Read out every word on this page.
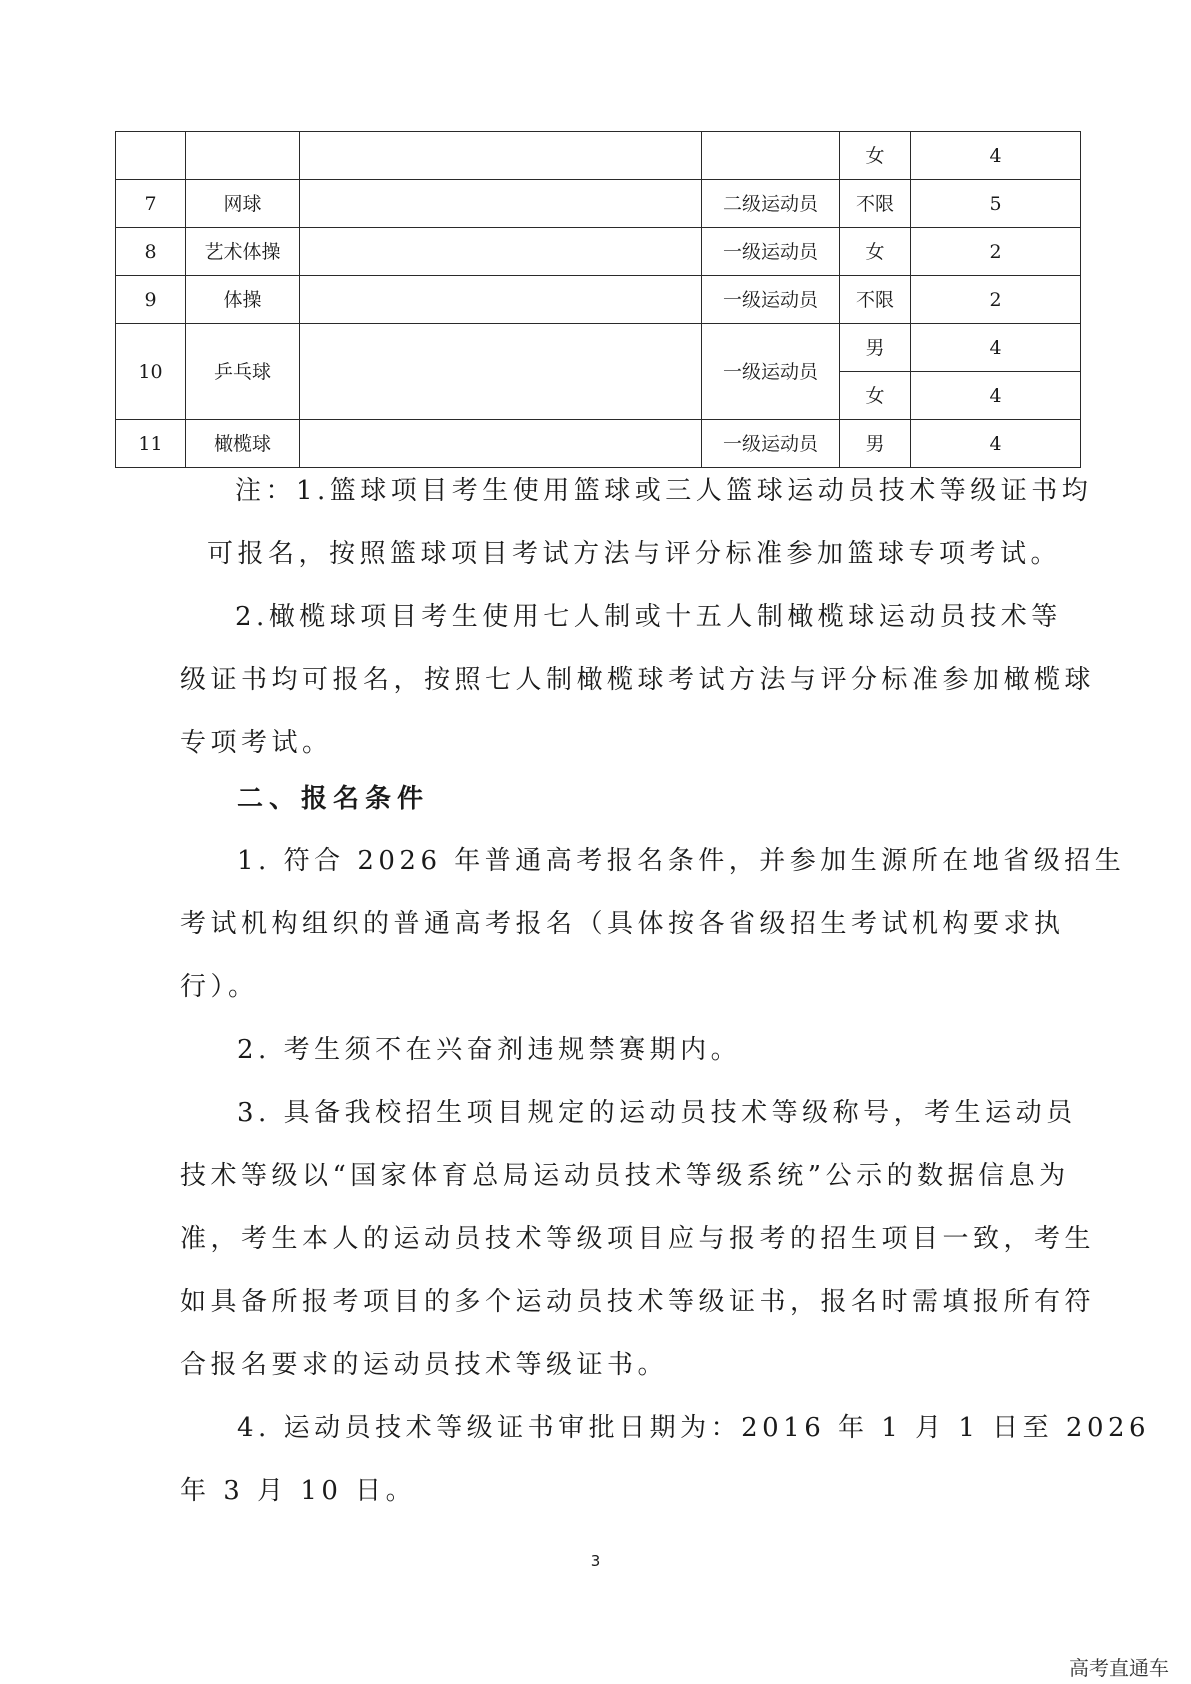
				女	4
7	网球		二级运动员	不限	5
8	艺术体操		一级运动员	女	2
9	体操		一级运动员	不限	2
10	乒乓球		一级运动员	男	4
				女	4
11	橄榄球		一级运动员	男	4
注：1.篮球项目考生使用篮球或三人篮球运动员技术等级证书均
可报名，按照篮球项目考试方法与评分标准参加篮球专项考试。
2.橄榄球项目考生使用七人制或十五人制橄榄球运动员技术等
级证书均可报名，按照七人制橄榄球考试方法与评分标准参加橄榄球
专项考试。
二、报名条件
1. 符合 2026 年普通高考报名条件，并参加生源所在地省级招生
考试机构组织的普通高考报名（具体按各省级招生考试机构要求执
行）。
2. 考生须不在兴奋剂违规禁赛期内。
3. 具备我校招生项目规定的运动员技术等级称号，考生运动员
技术等级以“国家体育总局运动员技术等级系统”公示的数据信息为
准，考生本人的运动员技术等级项目应与报考的招生项目一致，考生
如具备所报考项目的多个运动员技术等级证书，报名时需填报所有符
合报名要求的运动员技术等级证书。
4. 运动员技术等级证书审批日期为：2016 年 1 月 1 日至 2026
年 3 月 10 日。
3
高考直通车
